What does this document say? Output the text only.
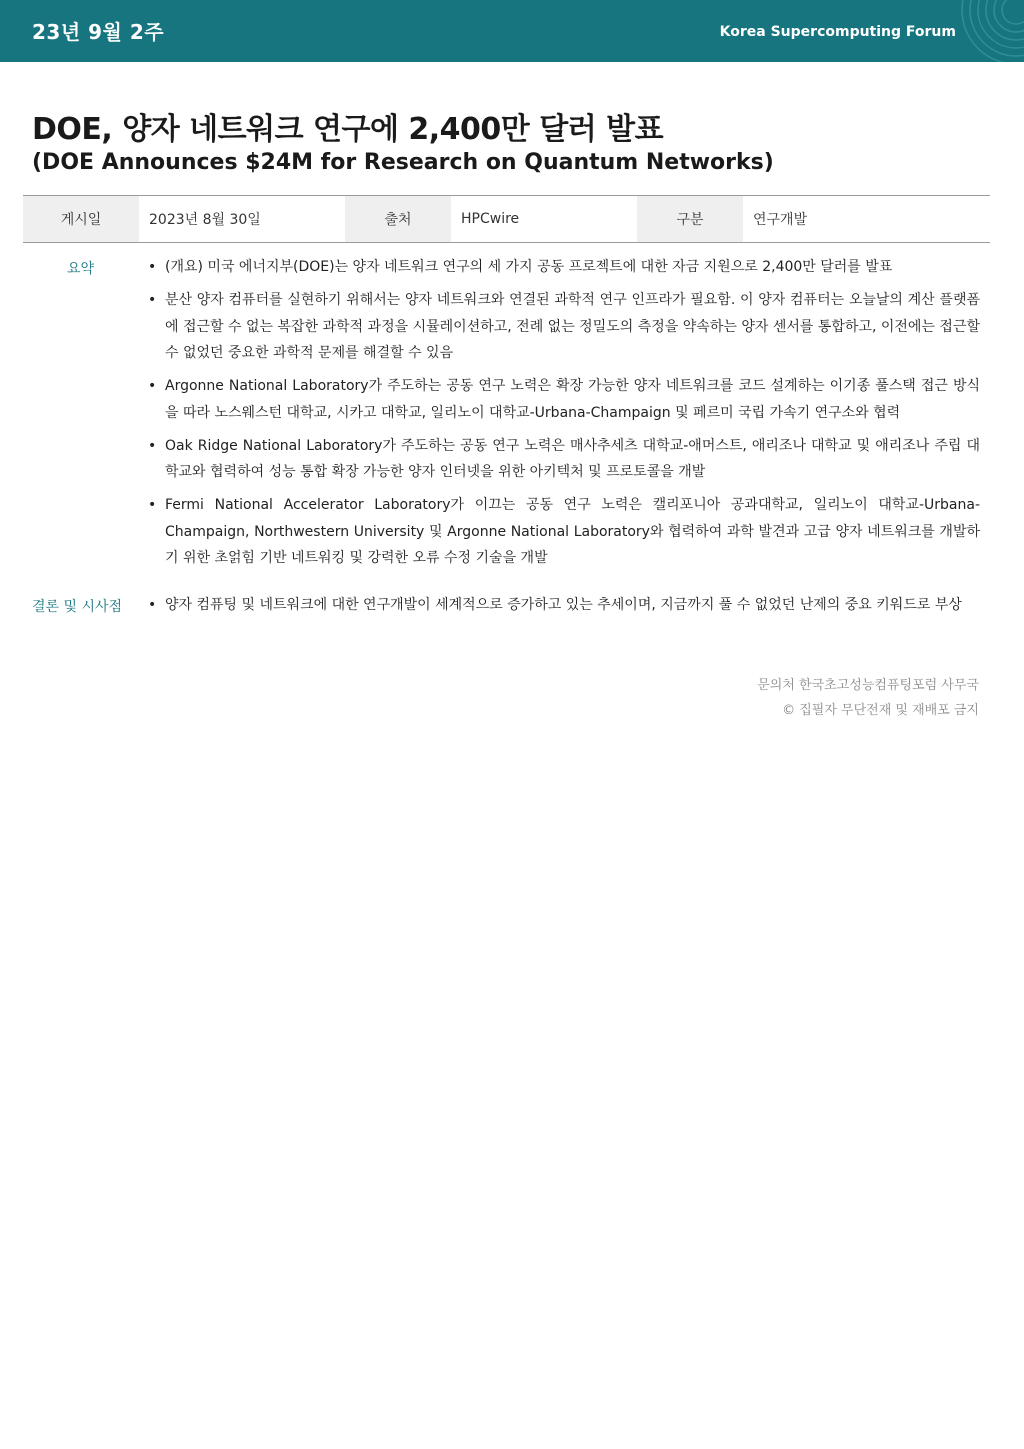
23년 9월 2주	Korea Supercomputing Forum
DOE, 양자 네트워크 연구에 2,400만 달러 발표
(DOE Announces $24M for Research on Quantum Networks)
게시일	2023년 8월 30일	출처	HPCwire	구분	연구개발
요약	• (개요) 미국 에너지부(DOE)는 양자 네트워크 연구의 세 가지 공동 프로젝트에 대한 자금 지원으로 2,400만 달러를 발표
• 분산 양자 컴퓨터를 실현하기 위해서는 양자 네트워크와 연결된 과학적 연구 인프라가 필요함. 이 양자 컴퓨터는 오늘날의 계산 플랫폼에 접근할 수 없는 복잡한 과학적 과정을 시뮬레이션하고, 전례 없는 정밀도의 측정을 약속하는 양자 센서를 통합하고, 이전에는 접근할 수 없었던 중요한 과학적 문제를 해결할 수 있음
• Argonne National Laboratory가 주도하는 공동 연구 노력은 확장 가능한 양자 네트워크를 코드 설계하는 이기종 풀스택 접근 방식을 따라 노스웨스턴 대학교, 시카고 대학교, 일리노이 대학교-Urbana-Champaign 및 페르미 국립 가속기 연구소와 협력
• Oak Ridge National Laboratory가 주도하는 공동 연구 노력은 매사추세츠 대학교-애머스트, 애리조나 대학교 및 애리조나 주립 대학교와 협력하여 성능 통합 확장 가능한 양자 인터넷을 위한 아키텍처 및 프로토콜을 개발
• Fermi National Accelerator Laboratory가 이끄는 공동 연구 노력은 캘리포니아 공과대학교, 일리노이 대학교-Urbana-Champaign, Northwestern University 및 Argonne National Laboratory와 협력하여 과학 발견과 고급 양자 네트워크를 개발하기 위한 초얽힘 기반 네트워킹 및 강력한 오류 수정 기술을 개발
결론 및 시사점 • 양자 컴퓨팅 및 네트워크에 대한 연구개발이 세계적으로 증가하고 있는 추세이며, 지금까지 풀 수 없었던 난제의 중요 키워드로 부상
문의처 한국초고성능컴퓨팅포럼 사무국
© 집필자 무단전재 및 재배포 금지
